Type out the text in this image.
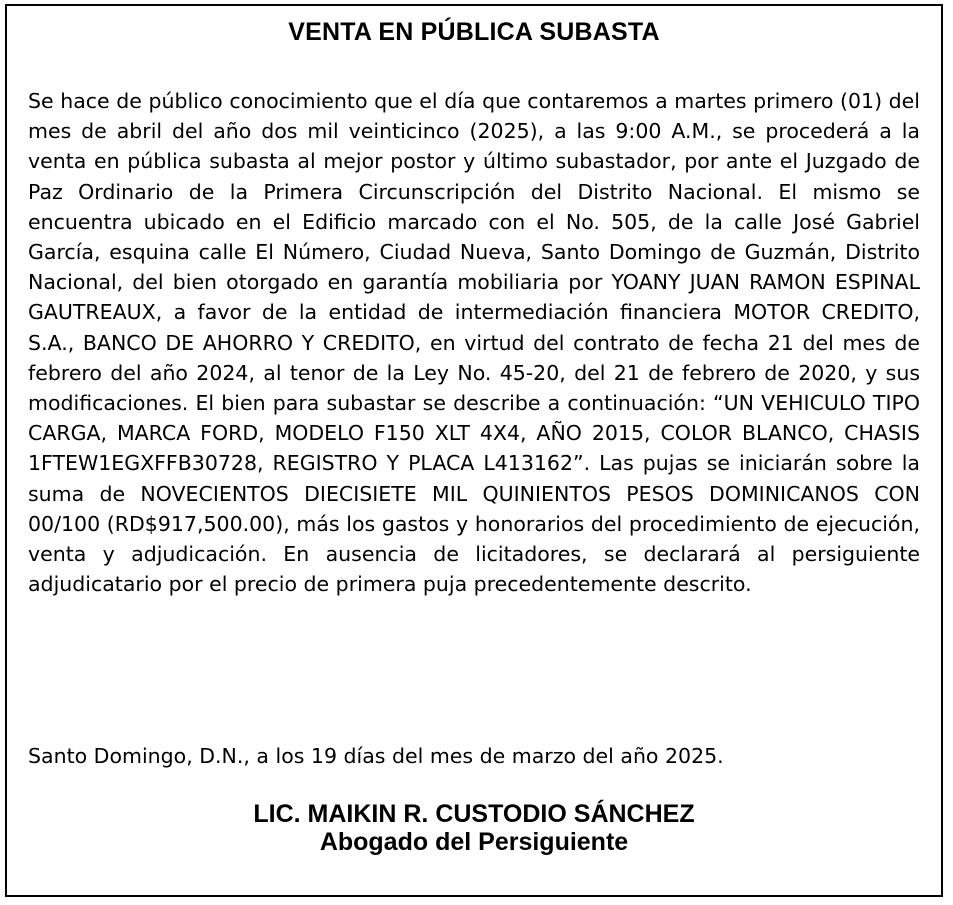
VENTA EN PÚBLICA SUBASTA

Se hace de público conocimiento que el día que contaremos a martes primero (01) del mes de abril del año dos mil veinticinco (2025), a las 9:00 A.M., se procederá a la venta en pública subasta al mejor postor y último subastador, por ante el Juzgado de Paz Ordinario de la Primera Circunscripción del Distrito Nacional. El mismo se encuentra ubicado en el Edificio marcado con el No. 505, de la calle José Gabriel García, esquina calle El Número, Ciudad Nueva, Santo Domingo de Guzmán, Distrito Nacional, del bien otorgado en garantía mobiliaria por YOANY JUAN RAMON ESPINAL GAUTREAUX, a favor de la entidad de intermediación financiera MOTOR CREDITO, S.A., BANCO DE AHORRO Y CREDITO, en virtud del contrato de fecha 21 del mes de febrero del año 2024, al tenor de la Ley No. 45-20, del 21 de febrero de 2020, y sus modificaciones. El bien para subastar se describe a continuación: “UN VEHICULO TIPO CARGA, MARCA FORD, MODELO F150 XLT 4X4, AÑO 2015, COLOR BLANCO, CHASIS 1FTEW1EGXFFB30728, REGISTRO Y PLACA L413162”. Las pujas se iniciarán sobre la suma de NOVECIENTOS DIECISIETE MIL QUINIENTOS PESOS DOMINICANOS CON 00/100 (RD$917,500.00), más los gastos y honorarios del procedimiento de ejecución, venta y adjudicación. En ausencia de licitadores, se declarará al persiguiente adjudicatario por el precio de primera puja precedentemente descrito.

Santo Domingo, D.N., a los 19 días del mes de marzo del año 2025.

LIC. MAIKIN R. CUSTODIO SÁNCHEZ
Abogado del Persiguiente
